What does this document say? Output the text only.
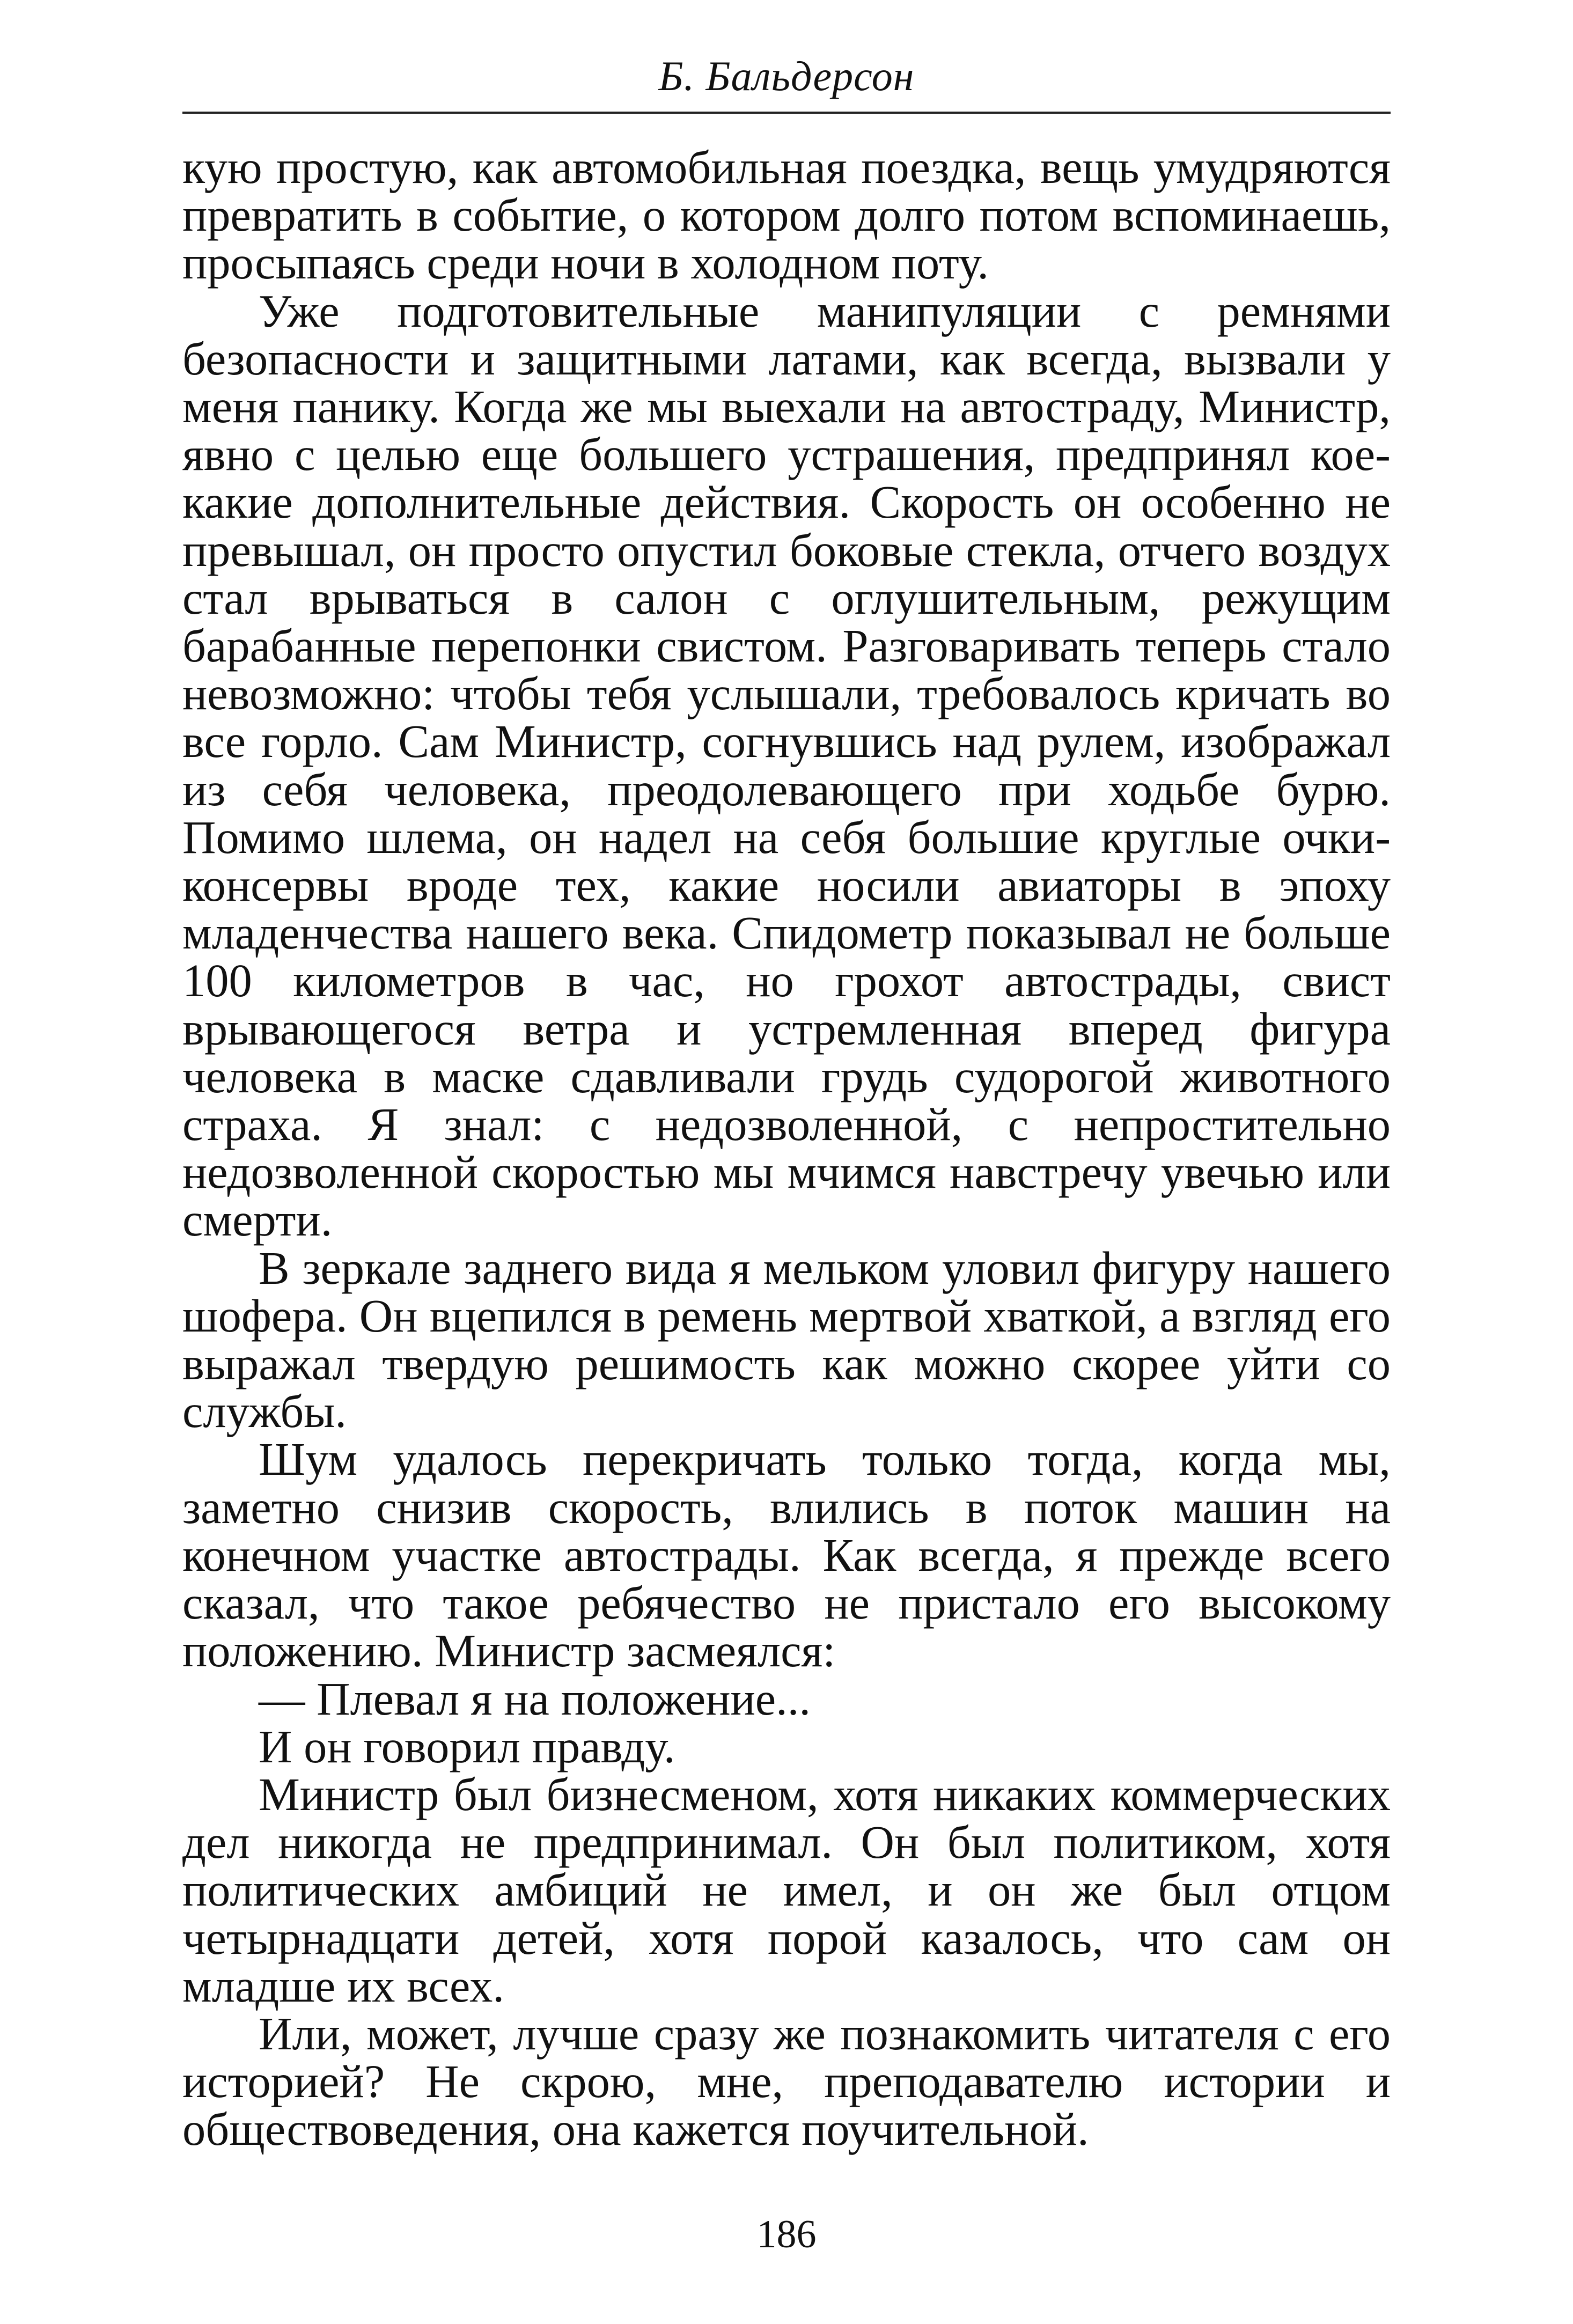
Б. Бальдерсон

кую простую, как автомобильная поездка, вещь умудряются превратить в событие, о котором долго потом вспоминаешь, просыпаясь среди ночи в холодном поту.

Уже подготовительные манипуляции с ремнями безопасности и защитными латами, как всегда, вызвали у меня панику. Когда же мы выехали на автостраду, Министр, явно с целью еще большего устрашения, предпринял кое-какие дополнительные действия. Скорость он особенно не превышал, он просто опустил боковые стекла, отчего воздух стал врываться в салон с оглушительным, режущим барабанные перепонки свистом. Разговаривать теперь стало невозможно: чтобы тебя услышали, требовалось кричать во все горло. Сам Министр, согнувшись над рулем, изображал из себя человека, преодолевающего при ходьбе бурю. Помимо шлема, он надел на себя большие круглые очки-консервы вроде тех, какие носили авиаторы в эпоху младенчества нашего века. Спидометр показывал не больше 100 километров в час, но грохот автострады, свист врывающегося ветра и устремленная вперед фигура человека в маске сдавливали грудь судорогой животного страха. Я знал: с недозволенной, с непростительно недозволенной скоростью мы мчимся навстречу увечью или смерти.

В зеркале заднего вида я мельком уловил фигуру нашего шофера. Он вцепился в ремень мертвой хваткой, а взгляд его выражал твердую решимость как можно скорее уйти со службы.

Шум удалось перекричать только тогда, когда мы, заметно снизив скорость, влились в поток машин на конечном участке автострады. Как всегда, я прежде всего сказал, что такое ребячество не пристало его высокому положению. Министр засмеялся:

— Плевал я на положение...

И он говорил правду.

Министр был бизнесменом, хотя никаких коммерческих дел никогда не предпринимал. Он был политиком, хотя политических амбиций не имел, и он же был отцом четырнадцати детей, хотя порой казалось, что сам он младше их всех.

Или, может, лучше сразу же познакомить читателя с его историей? Не скрою, мне, преподавателю истории и обществоведения, она кажется поучительной.

186
